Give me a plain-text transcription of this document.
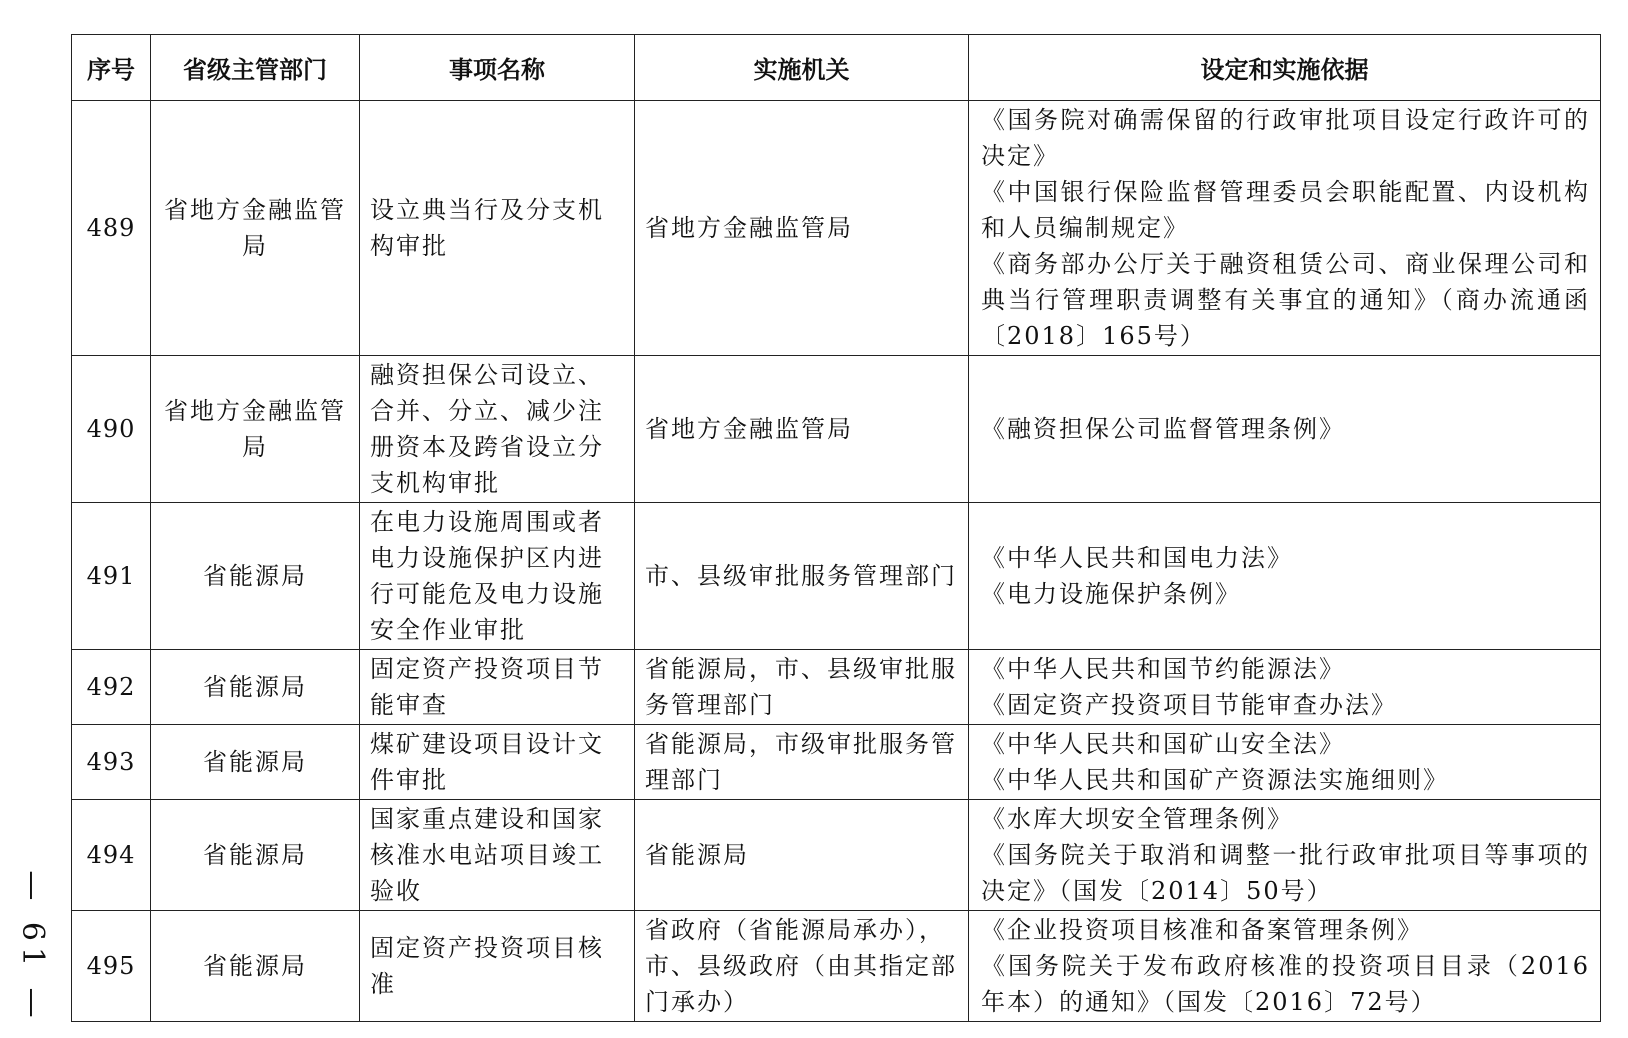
— 61 —
序号	省级主管部门	事项名称	实施机关	设定和实施依据
489	省地方金融监管局	设立典当行及分支机构审批	省地方金融监管局	《国务院对确需保留的行政审批项目设定行政许可的决定》
《中国银行保险监督管理委员会职能配置、内设机构和人员编制规定》
《商务部办公厅关于融资租赁公司、商业保理公司和典当行管理职责调整有关事宜的通知》（商办流通函〔2018〕165号）

490	省地方金融监管局	融资担保公司设立、合并、分立、减少注册资本及跨省设立分支机构审批	省地方金融监管局	《融资担保公司监督管理条例》

491	省能源局	在电力设施周围或者电力设施保护区内进行可能危及电力设施安全作业审批	市、县级审批服务管理部门	《中华人民共和国电力法》
《电力设施保护条例》

492	省能源局	固定资产投资项目节能审查	省能源局，市、县级审批服务管理部门	《中华人民共和国节约能源法》
《固定资产投资项目节能审查办法》

493	省能源局	煤矿建设项目设计文件审批	省能源局，市级审批服务管理部门	《中华人民共和国矿山安全法》
《中华人民共和国矿产资源法实施细则》

494	省能源局	国家重点建设和国家核准水电站项目竣工验收	省能源局	《水库大坝安全管理条例》
《国务院关于取消和调整一批行政审批项目等事项的决定》（国发〔2014〕50号）

495	省能源局	固定资产投资项目核准	省政府（省能源局承办），市、县级政府（由其指定部门承办）	《企业投资项目核准和备案管理条例》
《国务院关于发布政府核准的投资项目目录（2016年本）的通知》（国发〔2016〕72号）
